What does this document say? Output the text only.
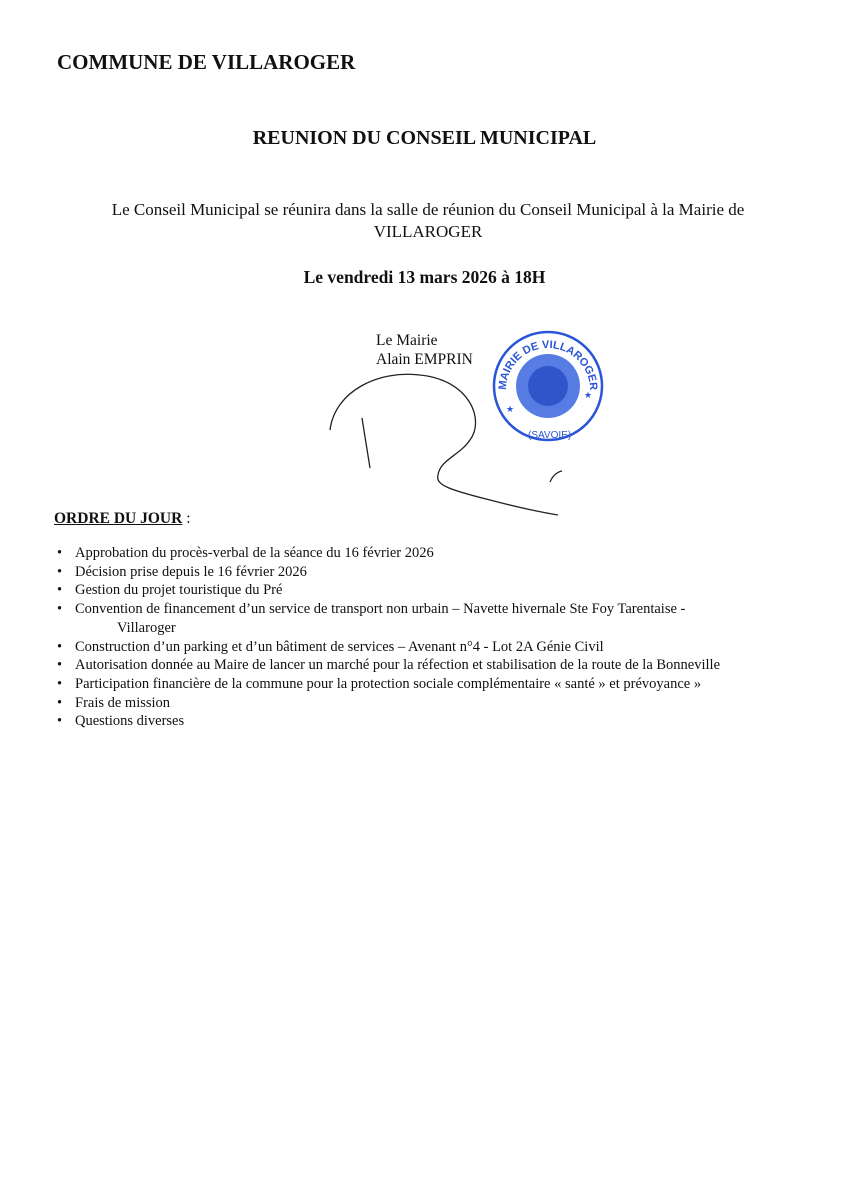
COMMUNE DE VILLAROGER
REUNION DU CONSEIL MUNICIPAL
Le Conseil Municipal se réunira dans la salle de réunion du Conseil Municipal à la Mairie de
VILLAROGER
Le vendredi 13 mars 2026 à 18H
Le Mairie
Alain EMPRIN
MAIRIE DE VILLAROGER
(SAVOIE)
★
★
ORDRE DU JOUR :
• Approbation du procès-verbal de la séance du 16 février 2026
• Décision prise depuis le 16 février 2026
• Gestion du projet touristique du Pré
• Convention de financement d’un service de transport non urbain – Navette hivernale Ste Foy Tarentaise -
Villaroger
• Construction d’un parking et d’un bâtiment de services – Avenant n°4 - Lot 2A Génie Civil
• Autorisation donnée au Maire de lancer un marché pour la réfection et stabilisation de la route de la Bonneville
• Participation financière de la commune pour la protection sociale complémentaire « santé » et prévoyance »
• Frais de mission
• Questions diverses
